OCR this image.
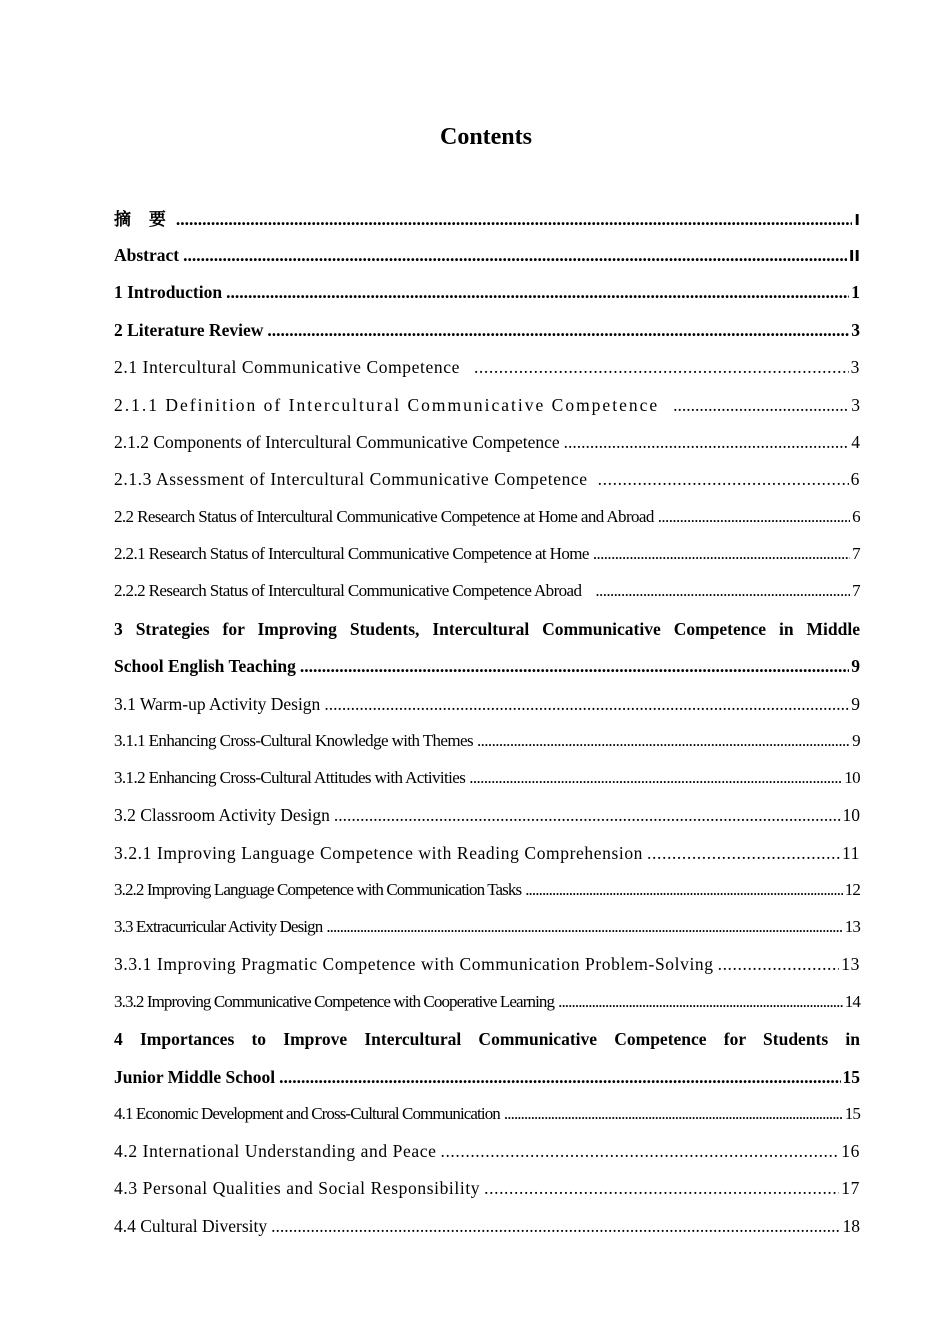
Contents
摘 要 .....	I
Abstract .....	II
1 Introduction .....	1
2 Literature Review .....	3
2.1 Intercultural Communicative Competence .....	3
2.1.1 Definition of Intercultural Communicative Competence .....	3
2.1.2 Components of Intercultural Communicative Competence .....	4
2.1.3 Assessment of Intercultural Communicative Competence .....	6
2.2 Research Status of Intercultural Communicative Competence at Home and Abroad .....	6
2.2.1 Research Status of Intercultural Communicative Competence at Home .....	7
2.2.2 Research Status of Intercultural Communicative Competence Abroad .....	7
3 Strategies for Improving Students, Intercultural Communicative Competence in Middle
School English Teaching .....	9
3.1 Warm-up Activity Design .....	9
3.1.1 Enhancing Cross-Cultural Knowledge with Themes .....	9
3.1.2 Enhancing Cross-Cultural Attitudes with Activities .....	10
3.2 Classroom Activity Design .....	10
3.2.1 Improving Language Competence with Reading Comprehension .....	11
3.2.2 Improving Language Competence with Communication Tasks .....	12
3.3 Extracurricular Activity Design .....	13
3.3.1 Improving Pragmatic Competence with Communication Problem-Solving .....	13
3.3.2 Improving Communicative Competence with Cooperative Learning .....	14
4 Importances to Improve Intercultural Communicative Competence for Students in
Junior Middle School .....	15
4.1 Economic Development and Cross-Cultural Communication .....	15
4.2 International Understanding and Peace .....	16
4.3 Personal Qualities and Social Responsibility .....	17
4.4 Cultural Diversity .....	18
